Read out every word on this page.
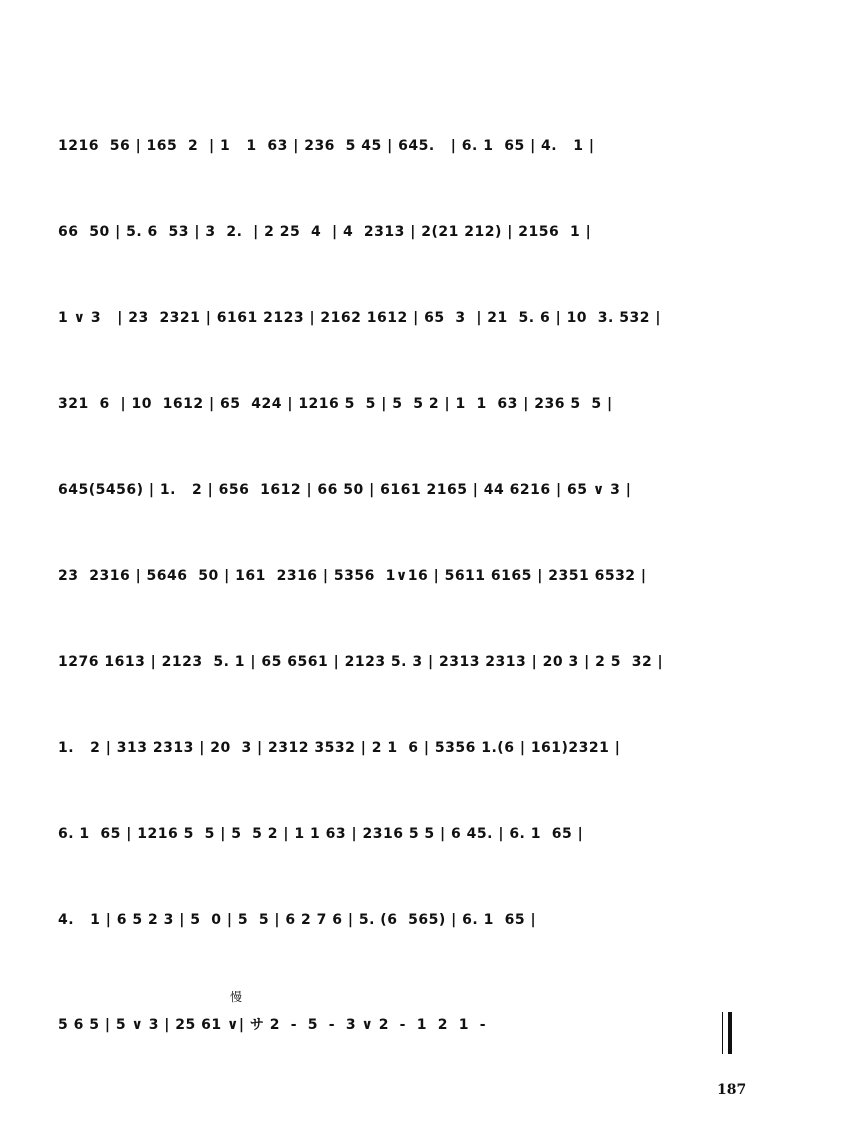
1216  56 | 165  2  | 1   1  63 | 236  5 45 | 645.   | 6. 1  65 | 4.   1 |
66  50 | 5. 6  53 | 3  2.  | 2 25  4  | 4  2313 | 2(21 212) | 2156  1 |
1 ∨ 3   | 23  2321 | 6161 2123 | 2162 1612 | 65  3  | 21  5. 6 | 10  3. 532 |
321  6  | 10  1612 | 65  424 | 1216 5  5 | 5  5 2 | 1  1  63 | 236 5  5 |
645(5456) | 1.   2 | 656  1612 | 66 50 | 6161 2165 | 44 6216 | 65 ∨ 3 |
23  2316 | 5646  50 | 161  2316 | 5356  1∨16 | 5611 6165 | 2351 6532 |
1276 1613 | 2123  5. 1 | 65 6561 | 2123 5. 3 | 2313 2313 | 20 3 | 2 5  32 |
1.   2 | 313 2313 | 20  3 | 2312 3532 | 2 1  6 | 5356 1.(6 | 161)2321 |
6. 1  65 | 1216 5  5 | 5  5 2 | 1 1 63 | 2316 5 5 | 6 45. | 6. 1  65 |
4.   1 | 6 5 2 3 | 5  0 | 5  5 | 6 2 7 6 | 5. (6  565) | 6. 1  65 |
5 6 5 | 5 ∨ 3 | 25 61 ∨| サ 2  -  5  -  3 ∨ 2  -  1  2  1  -
慢
187
